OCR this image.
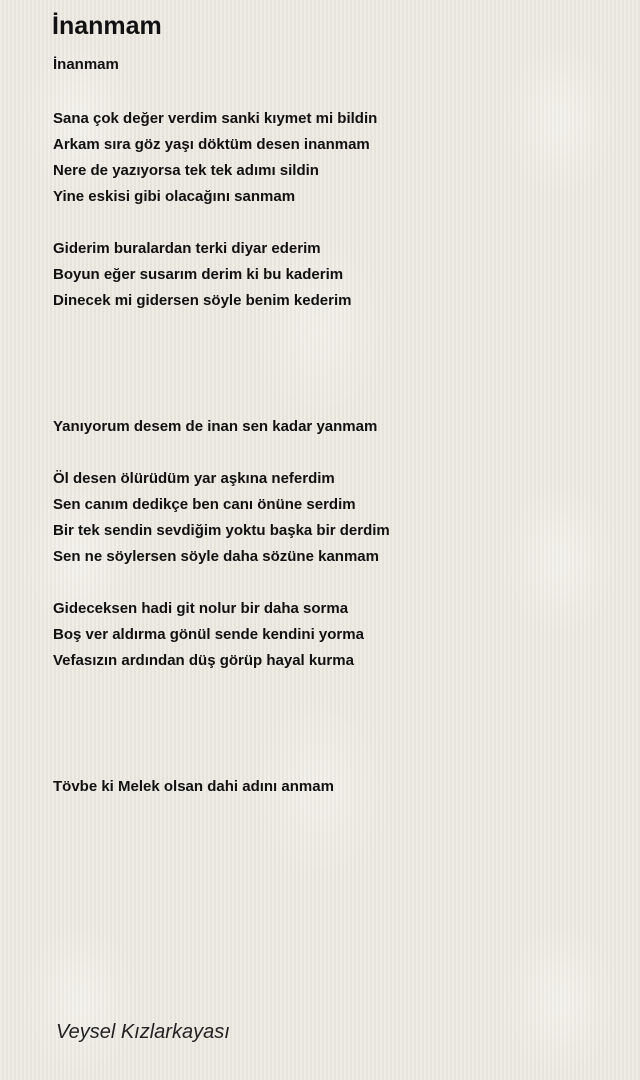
İnanmam
İnanmam
Sana çok değer verdim sanki kıymet mi bildin
Arkam sıra göz yaşı döktüm desen inanmam
Nere de yazıyorsa tek tek adımı sildin
Yine eskisi gibi olacağını sanmam
Giderim buralardan terki diyar ederim
Boyun eğer susarım derim ki bu kaderim
Dinecek mi gidersen söyle benim kederim
Yanıyorum desem de inan sen kadar yanmam
Öl desen ölürüdüm yar aşkına neferdim
Sen canım dedikçe ben canı önüne serdim
Bir tek sendin sevdiğim yoktu başka bir derdim
Sen ne söylersen söyle daha sözüne kanmam
Gideceksen hadi git nolur bir daha sorma
Boş ver aldırma gönül sende kendini yorma
Vefasızın ardından düş görüp hayal kurma
Tövbe ki Melek olsan dahi adını anmam
Veysel Kızlarkayası
